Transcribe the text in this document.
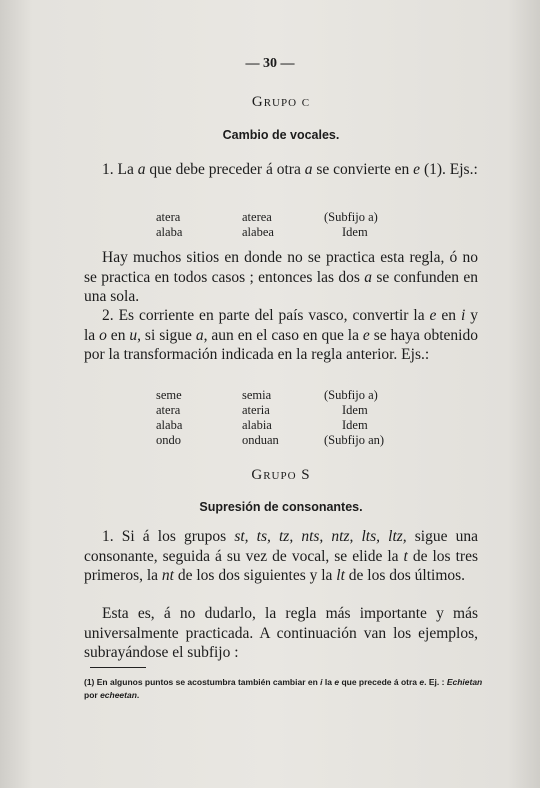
— 30 —
Grupo c
Cambio de vocales.
1. La a que debe preceder á otra a se convierte en e (1). Ejs.:
atera	aterea	(Subfijo a)
alaba	alabea	Idem
Hay muchos sitios en donde no se practica esta regla, ó no se practica en todos casos ; entonces las dos a se confunden en una sola.
2. Es corriente en parte del país vasco, convertir la e en i y la o en u, si sigue a, aun en el caso en que la e se haya obtenido por la transformación indicada en la regla anterior. Ejs.:
seme	semia	(Subfijo a)
atera	ateria	Idem
alaba	alabia	Idem
ondo	onduan	(Subfijo an)
Grupo S
Supresión de consonantes.
1. Si á los grupos st, ts, tz, nts, ntz, lts, ltz, sigue una consonante, seguida á su vez de vocal, se elide la t de los tres primeros, la nt de los dos siguientes y la lt de los dos últimos.
Esta es, á no dudarlo, la regla más importante y más universalmente practicada. A continuación van los ejemplos, subrayándose el subfijo :
(1) En algunos puntos se acostumbra también cambiar en i la e que precede á otra e. Ej. : Echietan por echeetan.
